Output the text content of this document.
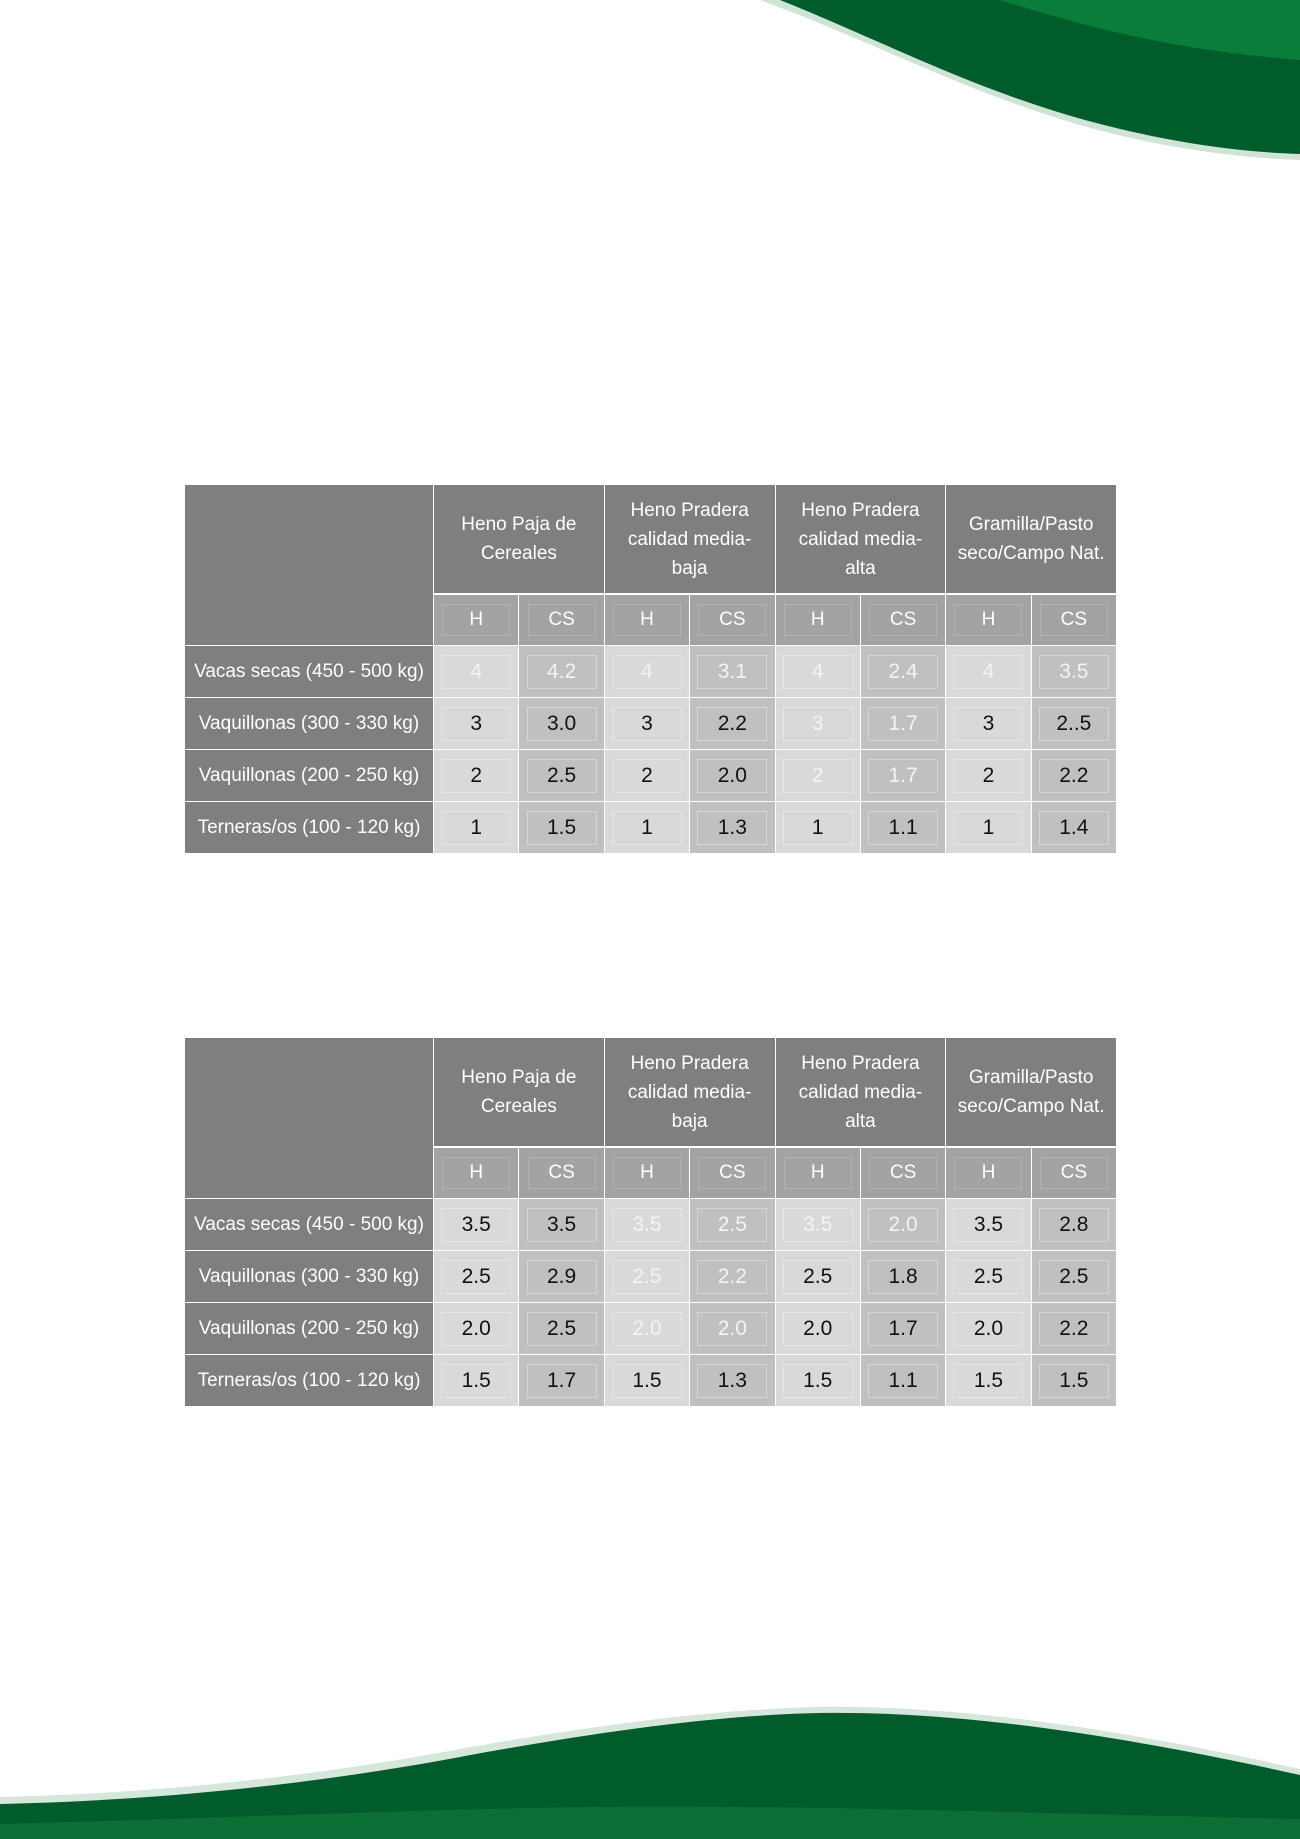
	Heno Paja de
Cereales		Heno Pradera
calidad media-
baja		Heno Pradera
calidad media-
alta		Gramilla/Pasto
seco/Campo Nat.	
	H	CS	H	CS	H	CS	H	CS
Vacas secas (450 - 500 kg)	4	4.2	4	3.1	4	2.4	4	3.5
Vaquillonas (300 - 330 kg)	3	3.0	3	2.2	3	1.7	3	2..5
Vaquillonas (200 - 250 kg)	2	2.5	2	2.0	2	1.7	2	2.2
Terneras/os (100 - 120 kg)	1	1.5	1	1.3	1	1.1	1	1.4
	Heno Paja de
Cereales		Heno Pradera
calidad media-
baja		Heno Pradera
calidad media-
alta		Gramilla/Pasto
seco/Campo Nat.	
	H	CS	H	CS	H	CS	H	CS
Vacas secas (450 - 500 kg)	3.5	3.5	3.5	2.5	3.5	2.0	3.5	2.8
Vaquillonas (300 - 330 kg)	2.5	2.9	2.5	2.2	2.5	1.8	2.5	2.5
Vaquillonas (200 - 250 kg)	2.0	2.5	2.0	2.0	2.0	1.7	2.0	2.2
Terneras/os (100 - 120 kg)	1.5	1.7	1.5	1.3	1.5	1.1	1.5	1.5
